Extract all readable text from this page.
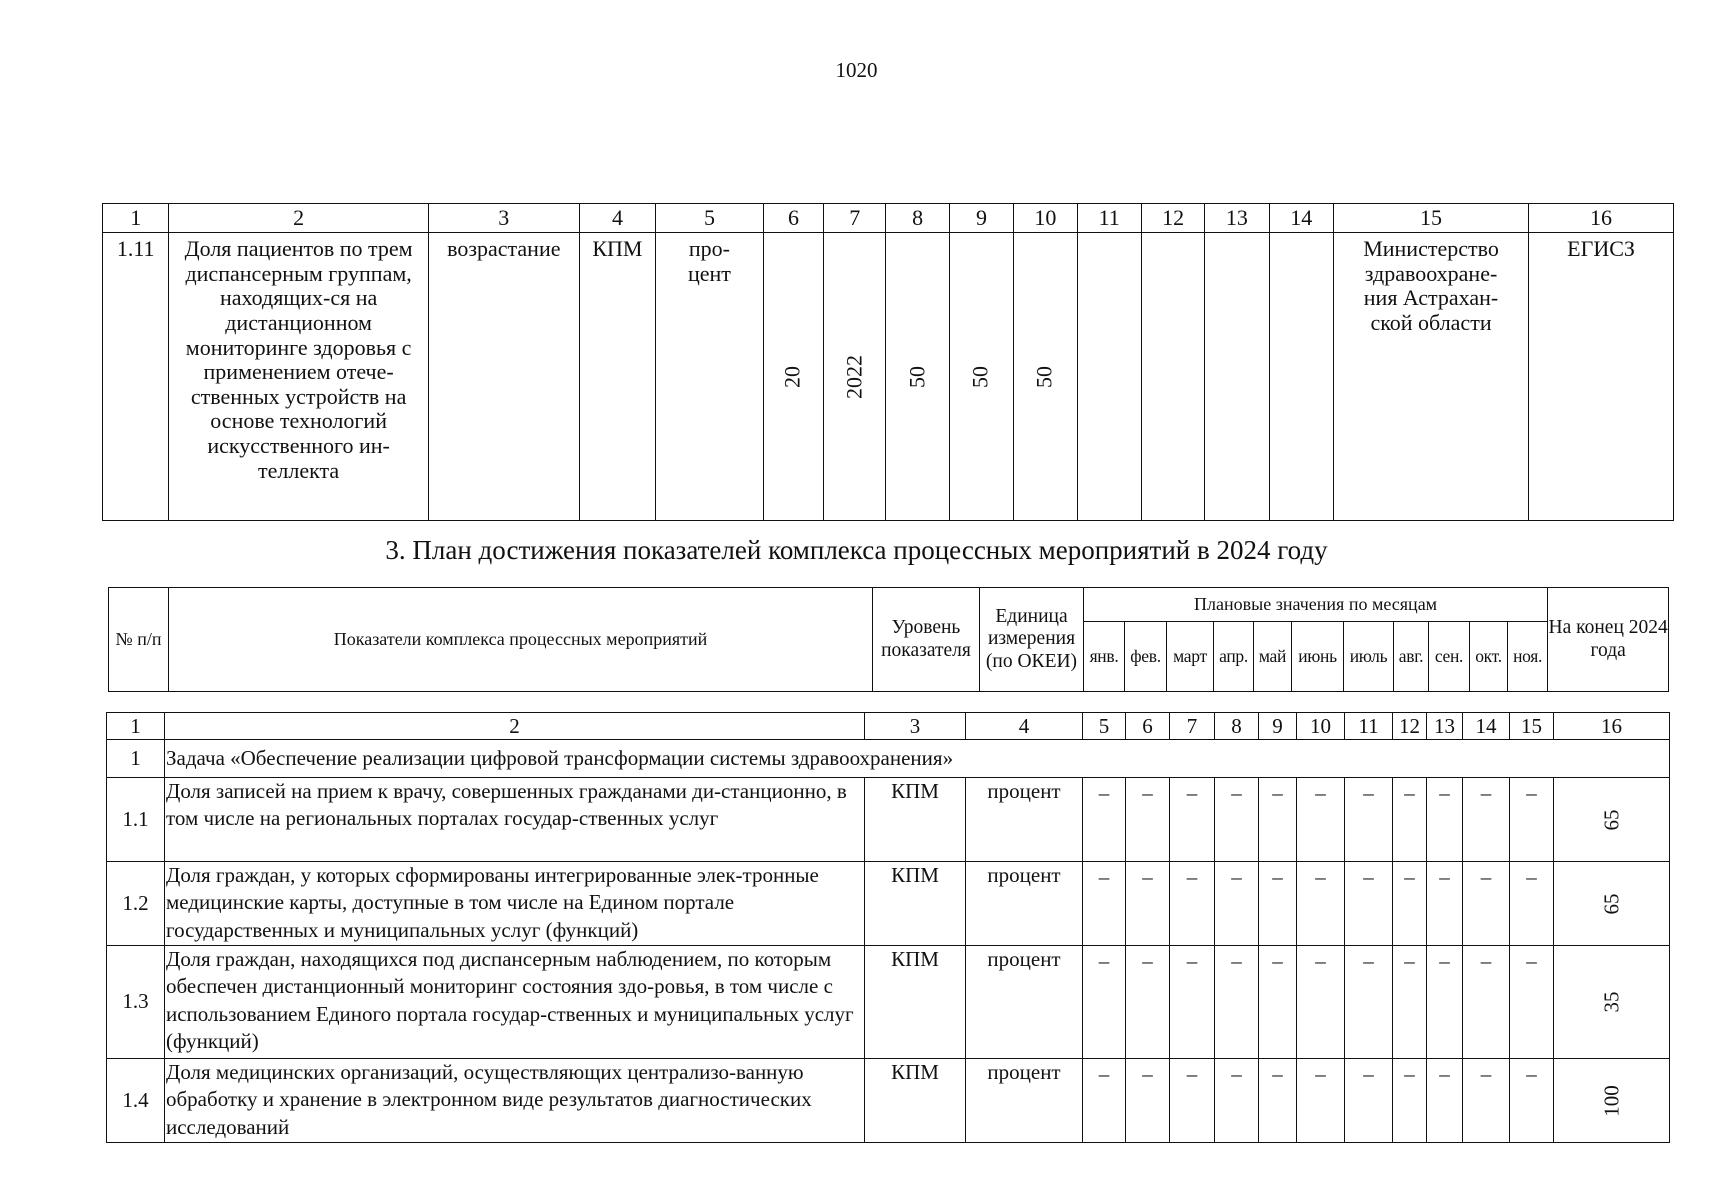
1020
1	2	3	4	5	6	7	8	9	10	11	12	13	14	15	16
1.11	Доля пациентов по трем диспансерным группам, находящих-ся на дистанционном мониторинге здоровья с применением отече-ственных устройств на основе технологий искусственного ин-теллекта	возрастание	КПМ	про-цент	20	2022	50	50	50					Министерство здравоохране-ния Астрахан-ской области	ЕГИСЗ
3. План достижения показателей комплекса процессных мероприятий в 2024 году
№ п/п	Показатели комплекса процессных мероприятий	Уровень показателя	Единица измерения (по ОКЕИ)	Плановые значения по месяцам											На конец 2024 года
				янв.	фев.	март	апр.	май	июнь	июль	авг.	сен.	окт.	ноя.	
1	2	3	4	5	6	7	8	9	10	11	12	13	14	15	16
1	Задача «Обеспечение реализации цифровой трансформации системы здравоохранения»														
1.1	Доля записей на прием к врачу, совершенных гражданами ди-станционно, в том числе на региональных порталах государ-ственных услуг	КПМ	процент	–	–	–	–	–	–	–	–	–	–	–	65

1.2	Доля граждан, у которых сформированы интегрированные элек-тронные медицинские карты, доступные в том числе на Едином портале государственных и муниципальных услуг (функций)	КПМ	процент	–	–	–	–	–	–	–	–	–	–	–	65

1.3	Доля граждан, находящихся под диспансерным наблюдением, по которым обеспечен дистанционный мониторинг состояния здо-ровья, в том числе с использованием Единого портала государ-ственных и муниципальных услуг (функций)	КПМ	процент	–	–	–	–	–	–	–	–	–	–	–	35

1.4	Доля медицинских организаций, осуществляющих централизо-ванную обработку и хранение в электронном виде результатов диагностических исследований	КПМ	процент	–	–	–	–	–	–	–	–	–	–	–	100
